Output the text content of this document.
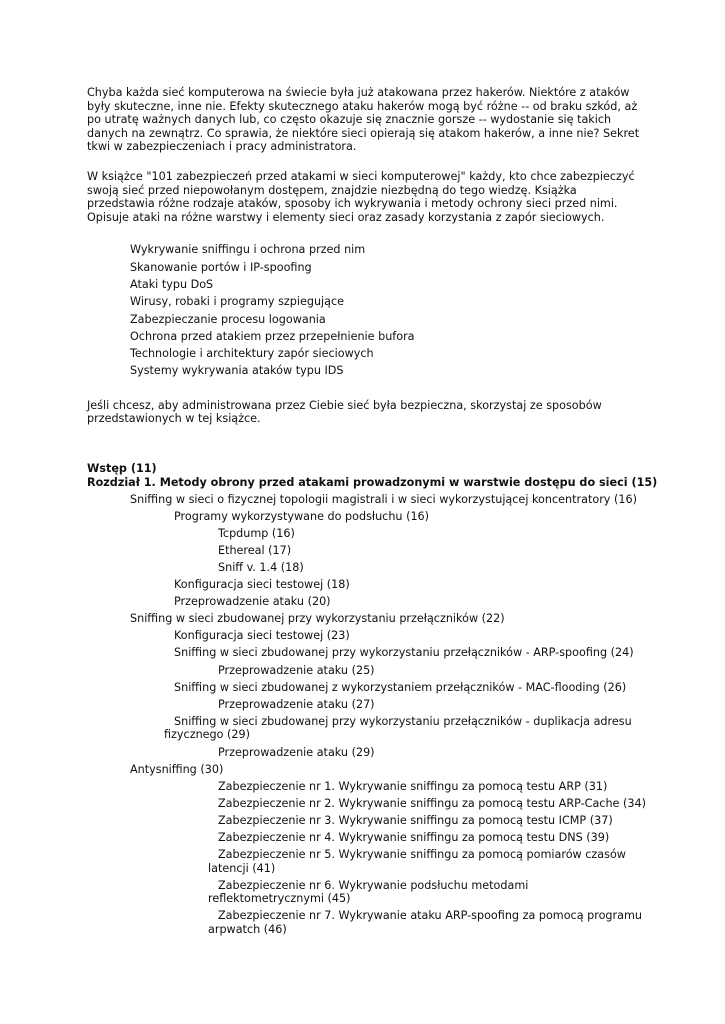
Chyba każda sieć komputerowa na świecie była już atakowana przez hakerów. Niektóre z ataków były skuteczne, inne nie. Efekty skutecznego ataku hakerów mogą być różne -- od braku szkód, aż po utratę ważnych danych lub, co często okazuje się znacznie gorsze -- wydostanie się takich danych na zewnątrz. Co sprawia, że niektóre sieci opierają się atakom hakerów, a inne nie? Sekret tkwi w zabezpieczeniach i pracy administratora.

W książce "101 zabezpieczeń przed atakami w sieci komputerowej" każdy, kto chce zabezpieczyć swoją sieć przed niepowołanym dostępem, znajdzie niezbędną do tego wiedzę. Książka przedstawia różne rodzaje ataków, sposoby ich wykrywania i metody ochrony sieci przed nimi. Opisuje ataki na różne warstwy i elementy sieci oraz zasady korzystania z zapór sieciowych.

Wykrywanie sniffingu i ochrona przed nim
Skanowanie portów i IP-spoofing
Ataki typu DoS
Wirusy, robaki i programy szpiegujące
Zabezpieczanie procesu logowania
Ochrona przed atakiem przez przepełnienie bufora
Technologie i architektury zapór sieciowych
Systemy wykrywania ataków typu IDS

Jeśli chcesz, aby administrowana przez Ciebie sieć była bezpieczna, skorzystaj ze sposobów przedstawionych w tej książce.

Wstęp (11)
Rozdział 1. Metody obrony przed atakami prowadzonymi w warstwie dostępu do sieci (15)
Sniffing w sieci o fizycznej topologii magistrali i w sieci wykorzystującej koncentratory (16)
Programy wykorzystywane do podsłuchu (16)
Tcpdump (16)
Ethereal (17)
Sniff v. 1.4 (18)
Konfiguracja sieci testowej (18)
Przeprowadzenie ataku (20)
Sniffing w sieci zbudowanej przy wykorzystaniu przełączników (22)
Konfiguracja sieci testowej (23)
Sniffing w sieci zbudowanej przy wykorzystaniu przełączników - ARP-spoofing (24)
Przeprowadzenie ataku (25)
Sniffing w sieci zbudowanej z wykorzystaniem przełączników - MAC-flooding (26)
Przeprowadzenie ataku (27)
Sniffing w sieci zbudowanej przy wykorzystaniu przełączników - duplikacja adresu fizycznego (29)
Przeprowadzenie ataku (29)
Antysniffing (30)
Zabezpieczenie nr 1. Wykrywanie sniffingu za pomocą testu ARP (31)
Zabezpieczenie nr 2. Wykrywanie sniffingu za pomocą testu ARP-Cache (34)
Zabezpieczenie nr 3. Wykrywanie sniffingu za pomocą testu ICMP (37)
Zabezpieczenie nr 4. Wykrywanie sniffingu za pomocą testu DNS (39)
Zabezpieczenie nr 5. Wykrywanie sniffingu za pomocą pomiarów czasów latencji (41)
Zabezpieczenie nr 6. Wykrywanie podsłuchu metodami reflektometrycznymi (45)
Zabezpieczenie nr 7. Wykrywanie ataku ARP-spoofing za pomocą programu arpwatch (46)
